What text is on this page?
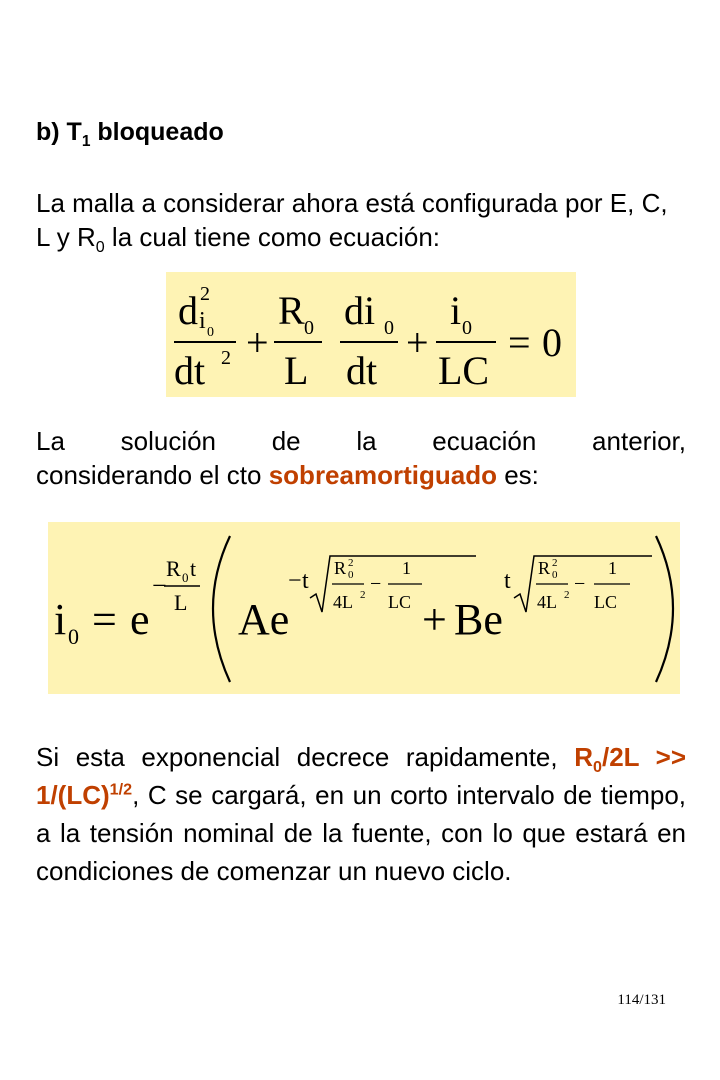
b) $T_1$ bloqueado
La malla a considerar ahora está configurada por E, C, L y $R_0$ la cual tiene como ecuación:
d 2
i 0
dt 2 +
R 0
L
di 0
dt
+
i 0
LC
= 0
La solución de la ecuación anterior,
considerando el cto sobreamortiguado es:
i 0 = e
−
R 0 t
L Ae
− t R 2
0
4L 2 −
1
LC + Be
t R 2
0
4L 2 −
1
LC
Si esta exponencial decrece rapidamente, $R_0/2L >> 1/(LC)^{1/2}$, C se cargará, en un corto intervalo de tiempo, a la tensión nominal de la fuente, con lo que estará en condiciones de comenzar un nuevo ciclo.
114/131
